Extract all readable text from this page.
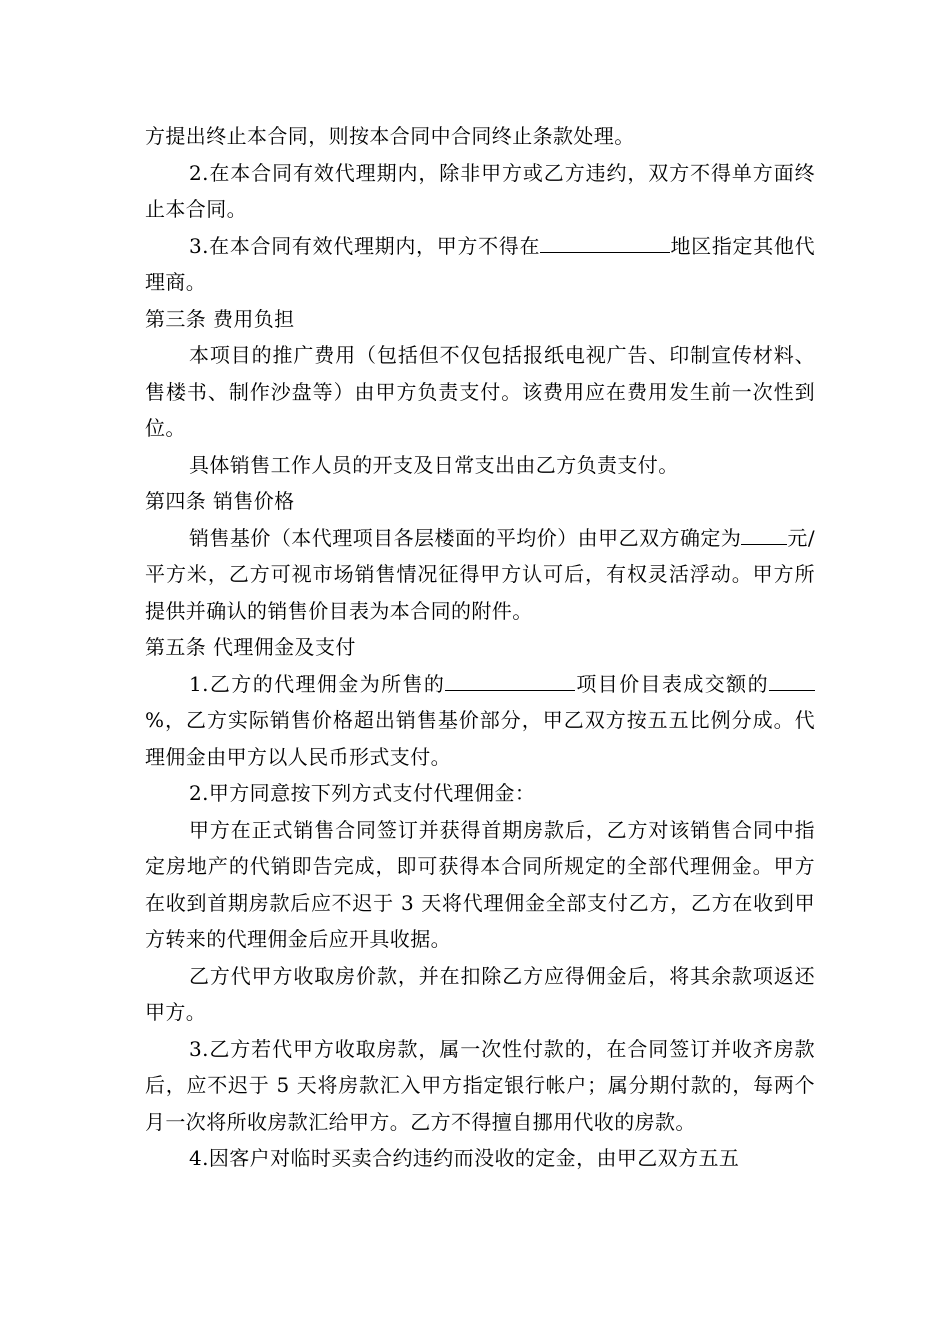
方提出终止本合同，则按本合同中合同终止条款处理。

2.在本合同有效代理期内，除非甲方或乙方违约，双方不得单方面终止本合同。

3.在本合同有效代理期内，甲方不得在	地区指定其他代理商。

第三条 费用负担

本项目的推广费用（包括但不仅包括报纸电视广告、印制宣传材料、售楼书、制作沙盘等）由甲方负责支付。该费用应在费用发生前一次性到位。

具体销售工作人员的开支及日常支出由乙方负责支付。

第四条 销售价格

销售基价（本代理项目各层楼面的平均价）由甲乙双方确定为 元/平方米，乙方可视市场销售情况征得甲方认可后，有权灵活浮动。甲方所提供并确认的销售价目表为本合同的附件。

第五条 代理佣金及支付

1.乙方的代理佣金为所售的	项目价目表成交额的%，乙方实际销售价格超出销售基价部分，甲乙双方按五五比例分成。代理佣金由甲方以人民币形式支付。

2.甲方同意按下列方式支付代理佣金：

甲方在正式销售合同签订并获得首期房款后，乙方对该销售合同中指定房地产的代销即告完成，即可获得本合同所规定的全部代理佣金。甲方在收到首期房款后应不迟于 3 天将代理佣金全部支付乙方，乙方在收到甲方转来的代理佣金后应开具收据。

乙方代甲方收取房价款，并在扣除乙方应得佣金后，将其余款项返还甲方。

3.乙方若代甲方收取房款，属一次性付款的，在合同签订并收齐房款后，应不迟于 5 天将房款汇入甲方指定银行帐户；属分期付款的，每两个月一次将所收房款汇给甲方。乙方不得擅自挪用代收的房款。

4.因客户对临时买卖合约违约而没收的定金，由甲乙双方五五
